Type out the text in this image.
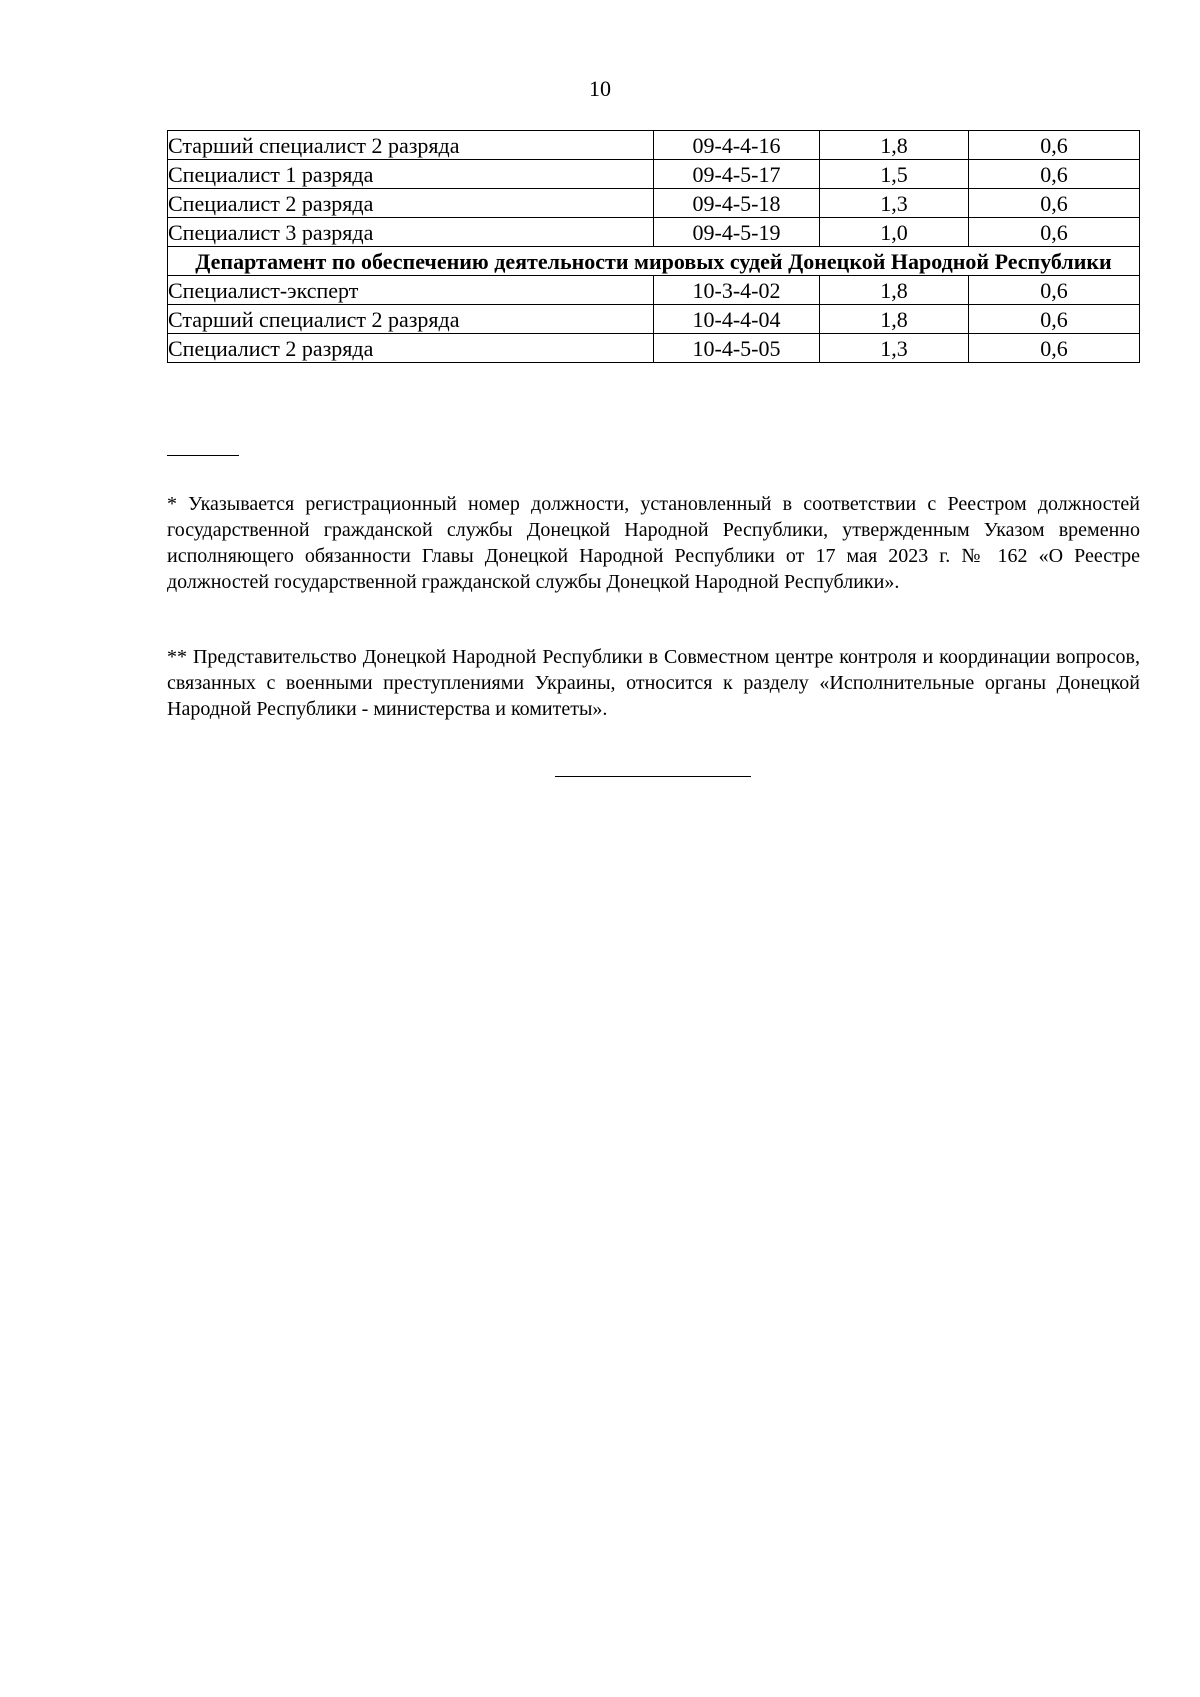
10
Старший специалист 2 разряда	09-4-4-16	1,8	0,6
Специалист 1 разряда	09-4-5-17	1,5	0,6
Специалист 2 разряда	09-4-5-18	1,3	0,6
Специалист 3 разряда	09-4-5-19	1,0	0,6
Департамент по обеспечению деятельности мировых судей Донецкой Народной Республики			
Специалист-эксперт	10-3-4-02	1,8	0,6
Старший специалист 2 разряда	10-4-4-04	1,8	0,6
Специалист 2 разряда	10-4-5-05	1,3	0,6

* Указывается регистрационный номер должности, установленный в соответствии с Реестром должностей государственной гражданской службы Донецкой Народной Республики, утвержденным Указом временно исполняющего обязанности Главы Донецкой Народной Республики от 17 мая 2023 г. № 162 «О Реестре должностей государственной гражданской службы Донецкой Народной Республики».

** Представительство Донецкой Народной Республики в Совместном центре контроля и координации вопросов, связанных с военными преступлениями Украины, относится к разделу «Исполнительные органы Донецкой Народной Республики - министерства и комитеты».
